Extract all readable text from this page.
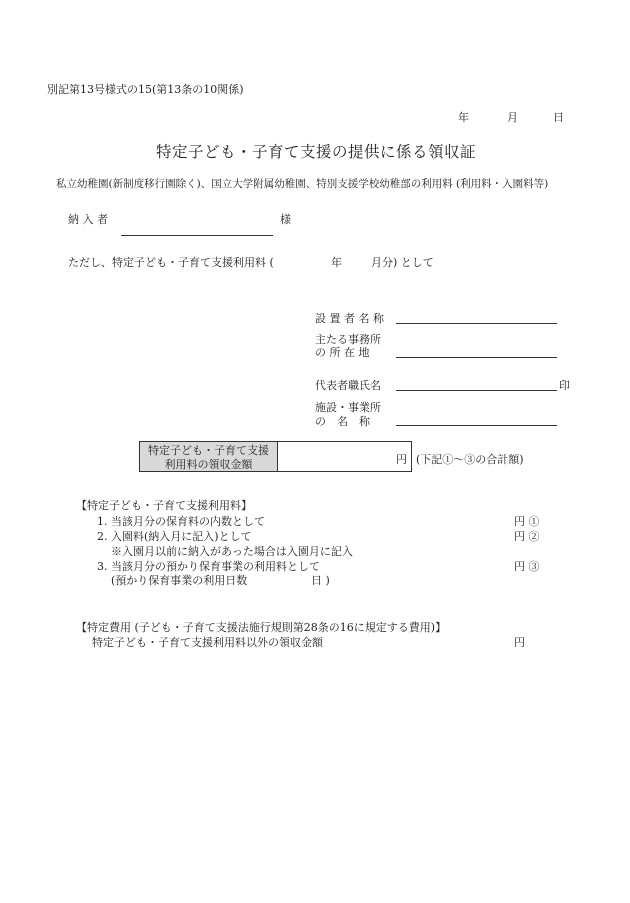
別記第13号様式の15(第13条の10関係)
年	月	日
特定子ども・子育て支援の提供に係る領収証
私立幼稚園(新制度移行園除く)、国立大学附属幼稚園、特別支援学校幼稚部の利用料 (利用料・入園料等)
納 入 者	様
ただし、特定子ども・子育て支援利用料 (	年	月分) として
設 置 者 名 称
主たる事務所
の 所 在 地
代表者職氏名	印
施設・事業所
の　名　称
特定子ども・子育て支援
利用料の領収金額	円 (下記①～③の合計額)
【特定子ども・子育て支援利用料】
1. 当該月分の保育料の内数として	円 ①
2. 入園料(納入月に記入)として	円 ②
※入園月以前に納入があった場合は入園月に記入
3. 当該月分の預かり保育事業の利用料として	円 ③
(預かり保育事業の利用日数	日 )
【特定費用 (子ども・子育て支援法施行規則第28条の16に規定する費用)】
特定子ども・子育て支援利用料以外の領収金額	円
